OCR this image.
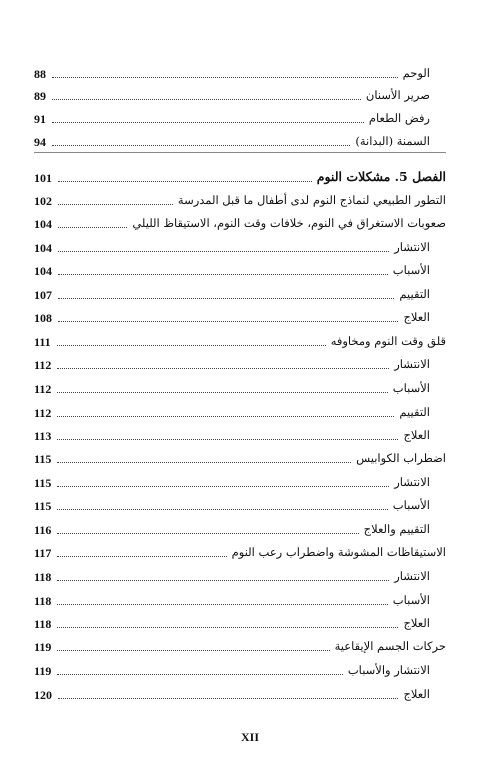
88	الوحم
89	صرير الأسنان
91	رفض الطعام
94	السمنة (البدانة)
101	الفصل 5. مشكلات النوم
102	التطور الطبيعي لنماذج النوم لدى أطفال ما قبل المدرسة
104	صعوبات الاستغراق في النوم، خلافات وقت النوم، الاستيقاظ الليلي
104	الانتشار
104	الأسباب
107	التقييم
108	العلاج
111	قلق وقت النوم ومخاوفه
112	الانتشار
112	الأسباب
112	التقييم
113	العلاج
115	اضطراب الكوابيس
115	الانتشار
115	الأسباب
116	التقييم والعلاج
117	الاستيقاظات المشوشة واضطراب رعب النوم
118	الانتشار
118	الأسباب
118	العلاج
119	حركات الجسم الإيقاعية
119	الانتشار والأسباب
120	العلاج
XII
